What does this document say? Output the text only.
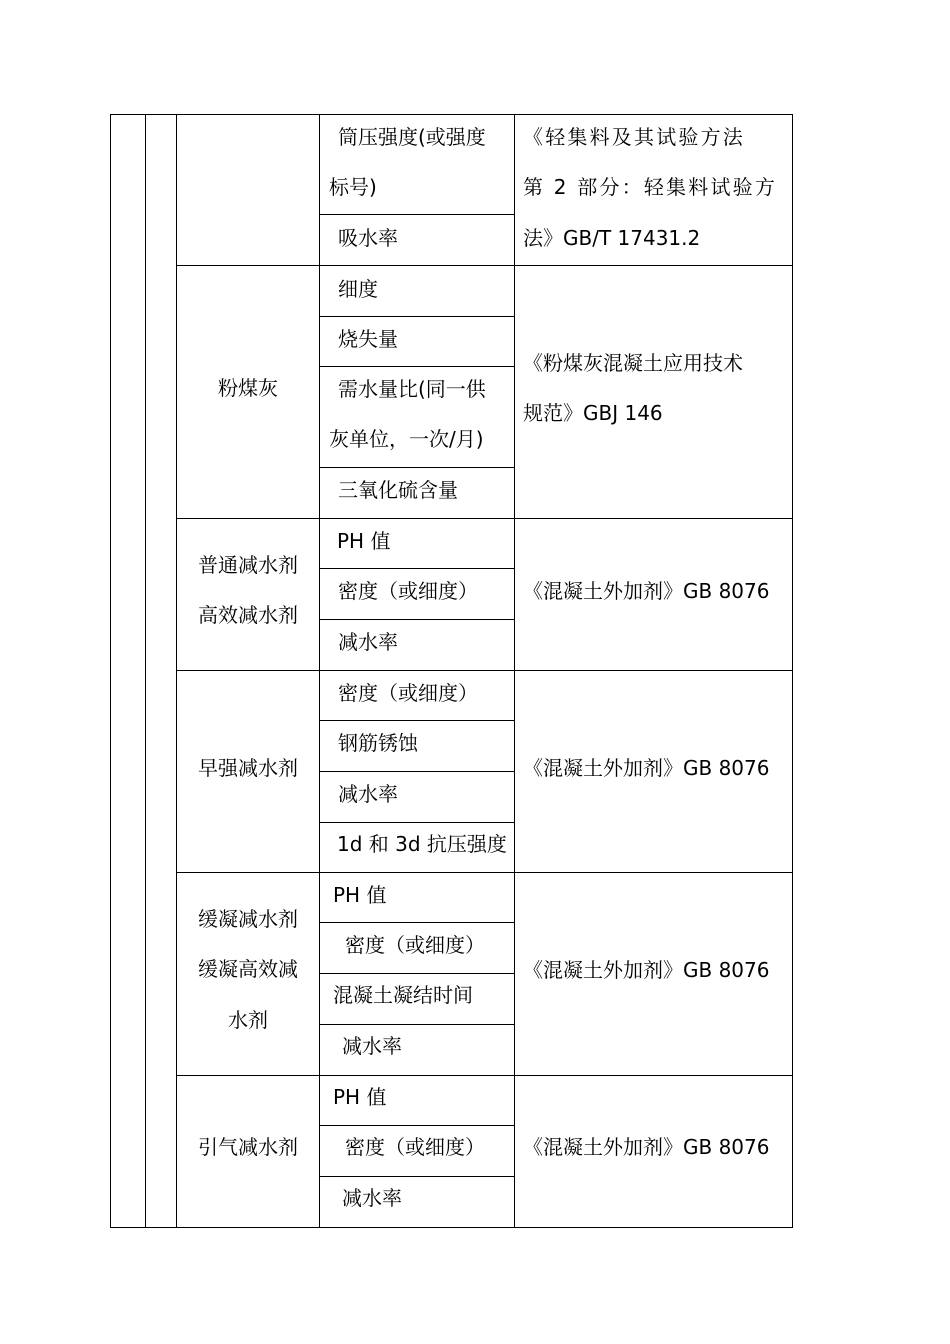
筒压强度(或强度
标号)
吸水率
《轻集料及其试验方法
第 2 部分：轻集料试验方
法》GB/T 17431.2
粉煤灰
细度
烧失量
需水量比(同一供
灰单位，一次/月)
三氧化硫含量
《粉煤灰混凝土应用技术
规范》GBJ 146
普通减水剂
高效减水剂
PH 值
密度（或细度）
减水率
《混凝土外加剂》GB 8076
早强减水剂
密度（或细度）
钢筋锈蚀
减水率
1d 和 3d 抗压强度
《混凝土外加剂》GB 8076
缓凝减水剂
缓凝高效减
水剂
PH 值
密度（或细度）
混凝土凝结时间
减水率
《混凝土外加剂》GB 8076
引气减水剂
PH 值
密度（或细度）
减水率
《混凝土外加剂》GB 8076
